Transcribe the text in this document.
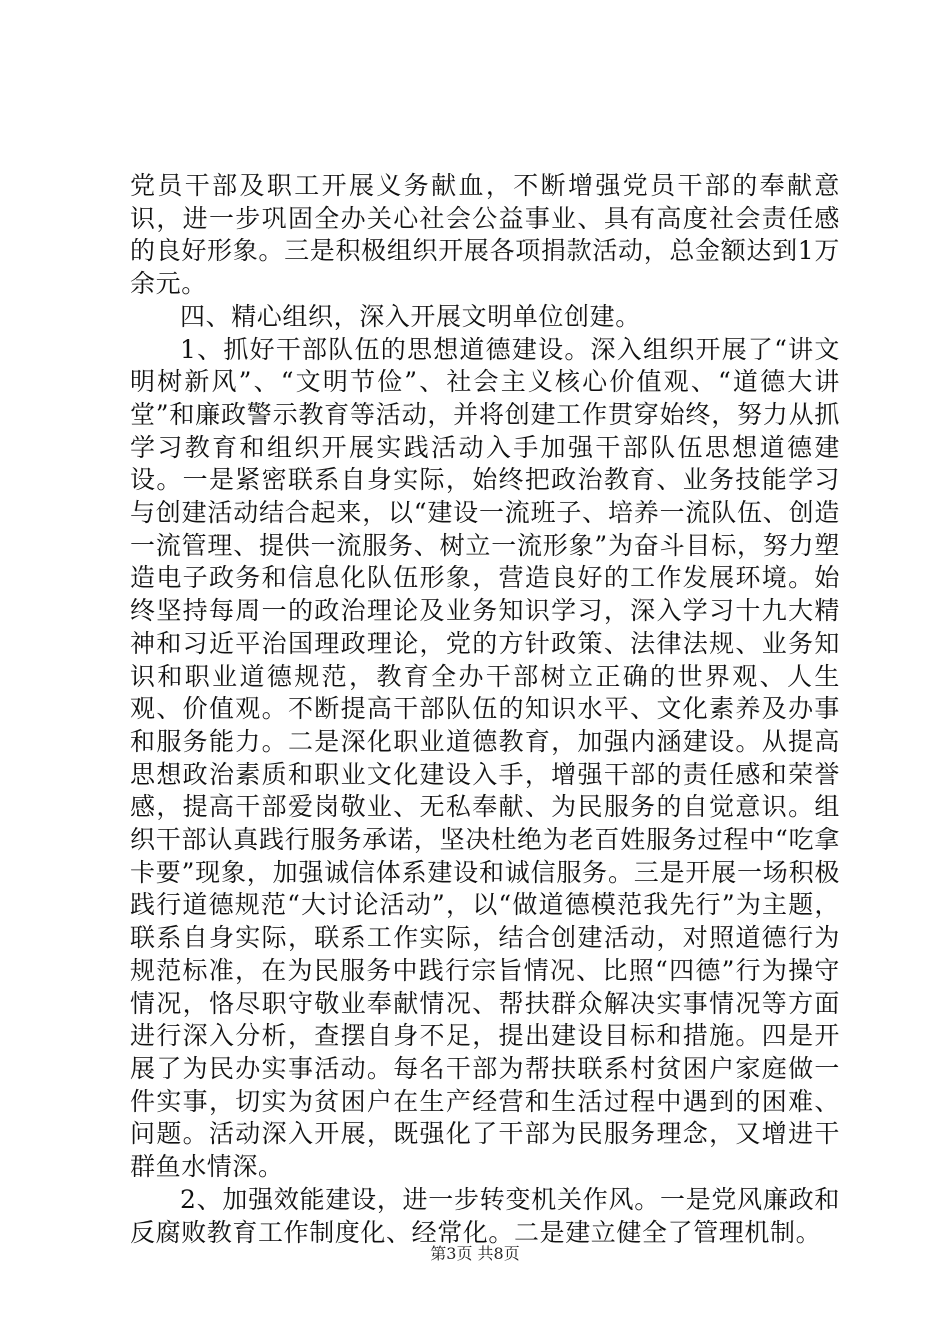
党员干部及职工开展义务献血，不断增强党员干部的奉献意识，进一步巩固全办关心社会公益事业、具有高度社会责任感的良好形象。三是积极组织开展各项捐款活动，总金额达到1万余元。

四、精心组织，深入开展文明单位创建。

1、抓好干部队伍的思想道德建设。深入组织开展了“讲文明树新风”、“文明节俭”、社会主义核心价值观、“道德大讲堂”和廉政警示教育等活动，并将创建工作贯穿始终，努力从抓学习教育和组织开展实践活动入手加强干部队伍思想道德建设。一是紧密联系自身实际，始终把政治教育、业务技能学习与创建活动结合起来，以“建设一流班子、培养一流队伍、创造一流管理、提供一流服务、树立一流形象”为奋斗目标，努力塑造电子政务和信息化队伍形象，营造良好的工作发展环境。始终坚持每周一的政治理论及业务知识学习，深入学习十九大精神和习近平治国理政理论，党的方针政策、法律法规、业务知识和职业道德规范，教育全办干部树立正确的世界观、人生观、价值观。不断提高干部队伍的知识水平、文化素养及办事和服务能力。二是深化职业道德教育，加强内涵建设。从提高思想政治素质和职业文化建设入手，增强干部的责任感和荣誉感，提高干部爱岗敬业、无私奉献、为民服务的自觉意识。组织干部认真践行服务承诺，坚决杜绝为老百姓服务过程中“吃拿卡要”现象，加强诚信体系建设和诚信服务。三是开展一场积极践行道德规范“大讨论活动”，以“做道德模范我先行”为主题，联系自身实际，联系工作实际，结合创建活动，对照道德行为规范标准，在为民服务中践行宗旨情况、比照“四德”行为操守情况，恪尽职守敬业奉献情况、帮扶群众解决实事情况等方面进行深入分析，查摆自身不足，提出建设目标和措施。四是开展了为民办实事活动。每名干部为帮扶联系村贫困户家庭做一件实事，切实为贫困户在生产经营和生活过程中遇到的困难、问题。活动深入开展，既强化了干部为民服务理念，又增进干群鱼水情深。

2、加强效能建设，进一步转变机关作风。一是党风廉政和反腐败教育工作制度化、经常化。二是建立健全了管理机制。

第3页 共8页
